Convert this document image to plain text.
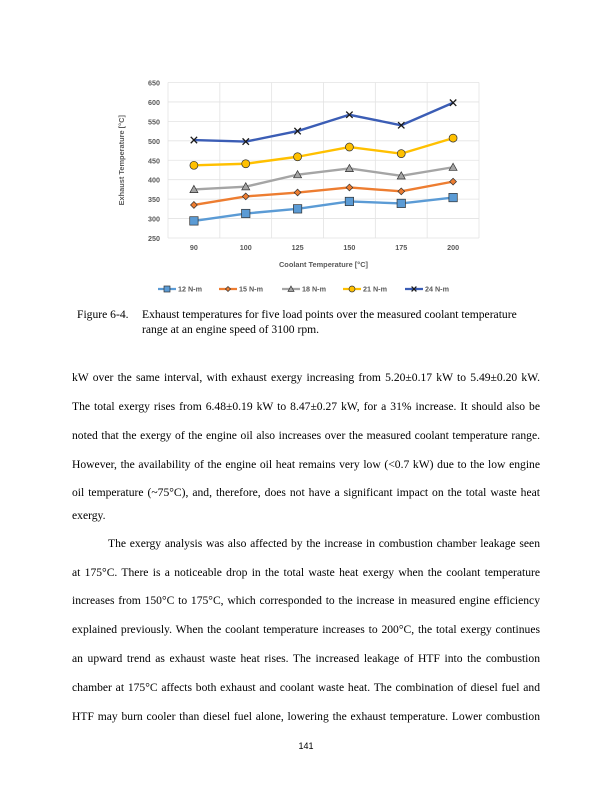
250
300
350
400
450
500
550
600
650
90	100	125	150	175	200
Coolant Temperature [°C]
Exhaust Temperature [°C]
12 N-m	15 N-m	18 N-m	21 N-m	24 N-m
Figure 6-4. Exhaust temperatures for five load points over the measured coolant temperature
range at an engine speed of 3100 rpm.
kW over the same interval, with exhaust exergy increasing from 5.20±0.17 kW to 5.49±0.20 kW.
The total exergy rises from 6.48±0.19 kW to 8.47±0.27 kW, for a 31% increase. It should also be
noted that the exergy of the engine oil also increases over the measured coolant temperature range.
However, the availability of the engine oil heat remains very low (<0.7 kW) due to the low engine
oil temperature (~75°C), and, therefore, does not have a significant impact on the total waste heat
exergy.
The exergy analysis was also affected by the increase in combustion chamber leakage seen
at 175°C. There is a noticeable drop in the total waste heat exergy when the coolant temperature
increases from 150°C to 175°C, which corresponded to the increase in measured engine efficiency
explained previously. When the coolant temperature increases to 200°C, the total exergy continues
an upward trend as exhaust waste heat rises. The increased leakage of HTF into the combustion
chamber at 175°C affects both exhaust and coolant waste heat. The combination of diesel fuel and
HTF may burn cooler than diesel fuel alone, lowering the exhaust temperature. Lower combustion
141
